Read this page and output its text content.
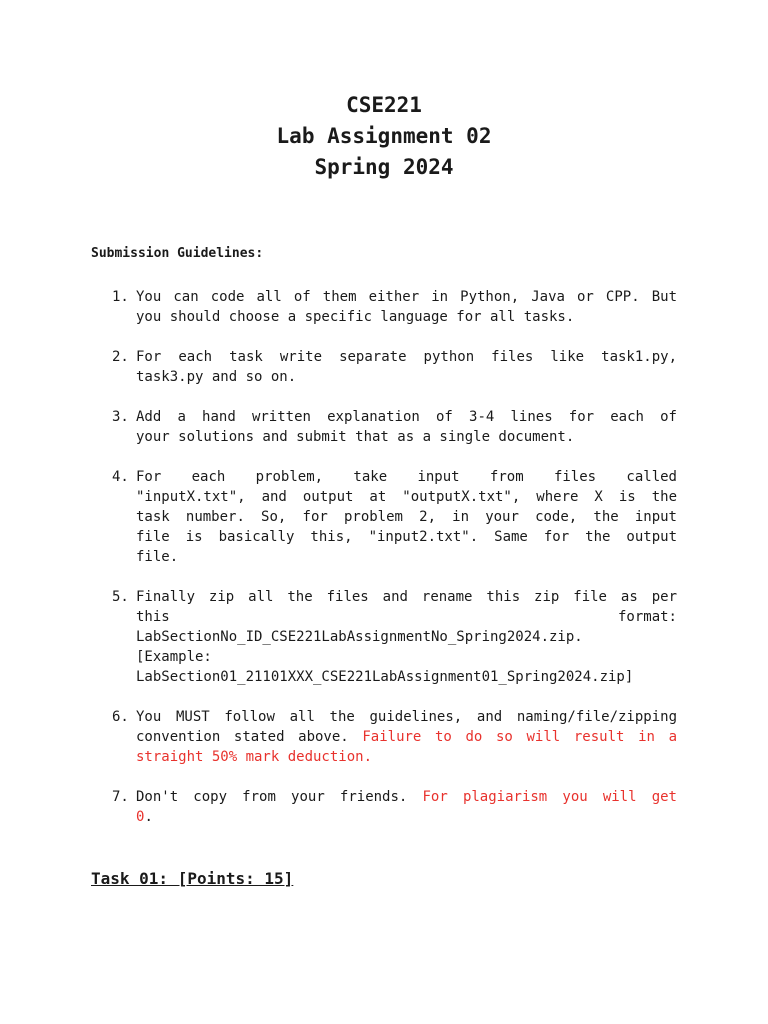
CSE221
Lab Assignment 02
Spring 2024
Submission Guidelines:
1. You can code all of them either in Python, Java or CPP. But
you should choose a specific language for all tasks.
2. For each task write separate python files like task1.py,
task3.py and so on.
3. Add a hand written explanation of 3-4 lines for each of
your solutions and submit that as a single document.
4. For each problem, take input from files called
"inputX.txt", and output at "outputX.txt", where X is the
task number. So, for problem 2, in your code, the input
file is basically this, "input2.txt". Same for the output
file.
5. Finally zip all the files and rename this zip file as per
this	format:
LabSectionNo_ID_CSE221LabAssignmentNo_Spring2024.zip.
[Example:
LabSection01_21101XXX_CSE221LabAssignment01_Spring2024.zip]
6. You MUST follow all the guidelines, and naming/file/zipping
convention stated above. Failure to do so will result in a
straight 50% mark deduction.
7. Don't copy from your friends. For plagiarism you will get
0.
Task 01: [Points: 15]
